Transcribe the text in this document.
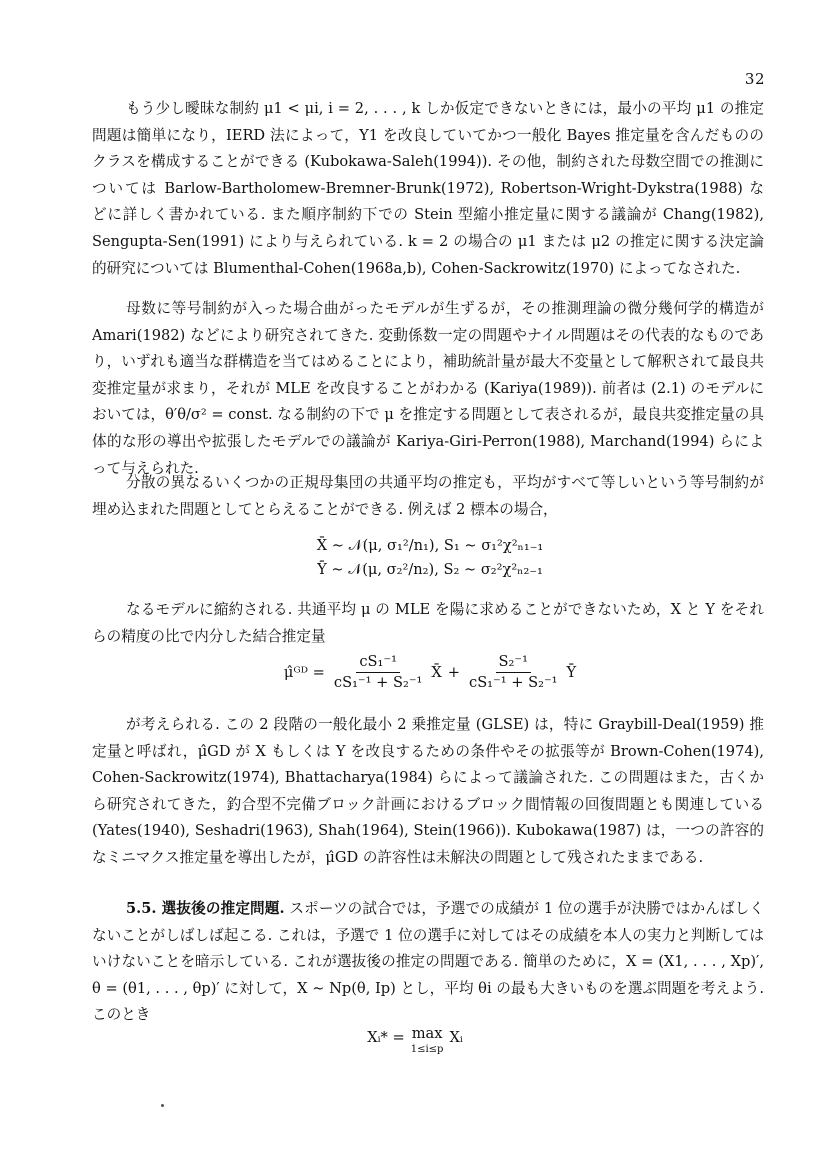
32

もう少し曖昧な制約 μ1 < μi, i = 2, . . . , k しか仮定できないときには，最小の平均 μ1 の推定問題は簡単になり，IERD 法によって，Y1 を改良していてかつ一般化 Bayes 推定量を含んだもののクラスを構成することができる (Kubokawa-Saleh(1994)). その他，制約された母数空間での推測については Barlow-Bartholomew-Bremner-Brunk(1972), Robertson-Wright-Dykstra(1988) などに詳しく書かれている. また順序制約下での Stein 型縮小推定量に関する議論が Chang(1982), Sengupta-Sen(1991) により与えられている. k = 2 の場合の μ1 または μ2 の推定に関する決定論的研究については Blumenthal-Cohen(1968a,b), Cohen-Sackrowitz(1970) によってなされた.

母数に等号制約が入った場合曲がったモデルが生ずるが，その推測理論の微分幾何学的構造が Amari(1982) などにより研究されてきた. 変動係数一定の問題やナイル問題はその代表的なものであり，いずれも適当な群構造を当てはめることにより，補助統計量が最大不変量として解釈されて最良共変推定量が求まり，それが MLE を改良することがわかる (Kariya(1989)). 前者は (2.1) のモデルにおいては，θ′θ/σ² = const. なる制約の下で μ を推定する問題として表されるが，最良共変推定量の具体的な形の導出や拡張したモデルでの議論が Kariya-Giri-Perron(1988), Marchand(1994) らによって与えられた.

分散の異なるいくつかの正規母集団の共通平均の推定も，平均がすべて等しいという等号制約が埋め込まれた問題としてとらえることができる. 例えば 2 標本の場合，

X̄ ∼ 𝒩(μ, σ₁²/n₁), S₁ ∼ σ₁²χ²ₙ₁₋₁
Ȳ ∼ 𝒩(μ, σ₂²/n₂), S₂ ∼ σ₂²χ²ₙ₂₋₁

なるモデルに縮約される. 共通平均 μ の MLE を陽に求めることができないため，X と Y をそれらの精度の比で内分した結合推定量

μ̂ᴳᴰ = $\frac{\text{cS₁⁻¹}}{\text{cS₁⁻¹ + S₂⁻¹}}$ X̄ + $\frac{\text{S₂⁻¹}}{\text{cS₁⁻¹ + S₂⁻¹}}$ Ȳ

が考えられる. この 2 段階の一般化最小 2 乗推定量 (GLSE) は，特に Graybill-Deal(1959) 推定量と呼ばれ，μ̂GD が X もしくは Y を改良するための条件やその拡張等が Brown-Cohen(1974), Cohen-Sackrowitz(1974), Bhattacharya(1984) らによって議論された. この問題はまた，古くから研究されてきた，釣合型不完備ブロック計画におけるブロック間情報の回復問題とも関連している (Yates(1940), Seshadri(1963), Shah(1964), Stein(1966)). Kubokawa(1987) は，一つの許容的なミニマクス推定量を導出したが，μ̂GD の許容性は未解決の問題として残されたままである.

5.5. 選抜後の推定問題. スポーツの試合では，予選での成績が 1 位の選手が決勝ではかんばしくないことがしばしば起こる. これは，予選で 1 位の選手に対してはその成績を本人の実力と判断してはいけないことを暗示している. これが選抜後の推定の問題である. 簡単のために，X = (X1, . . . , Xp)′, θ = (θ1, . . . , θp)′ に対して，X ∼ Np(θ, Ip) とし，平均 θi の最も大きいものを選ぶ問題を考えよう. このとき

Xᵢ* = max
1≤i≤p
Xᵢ
